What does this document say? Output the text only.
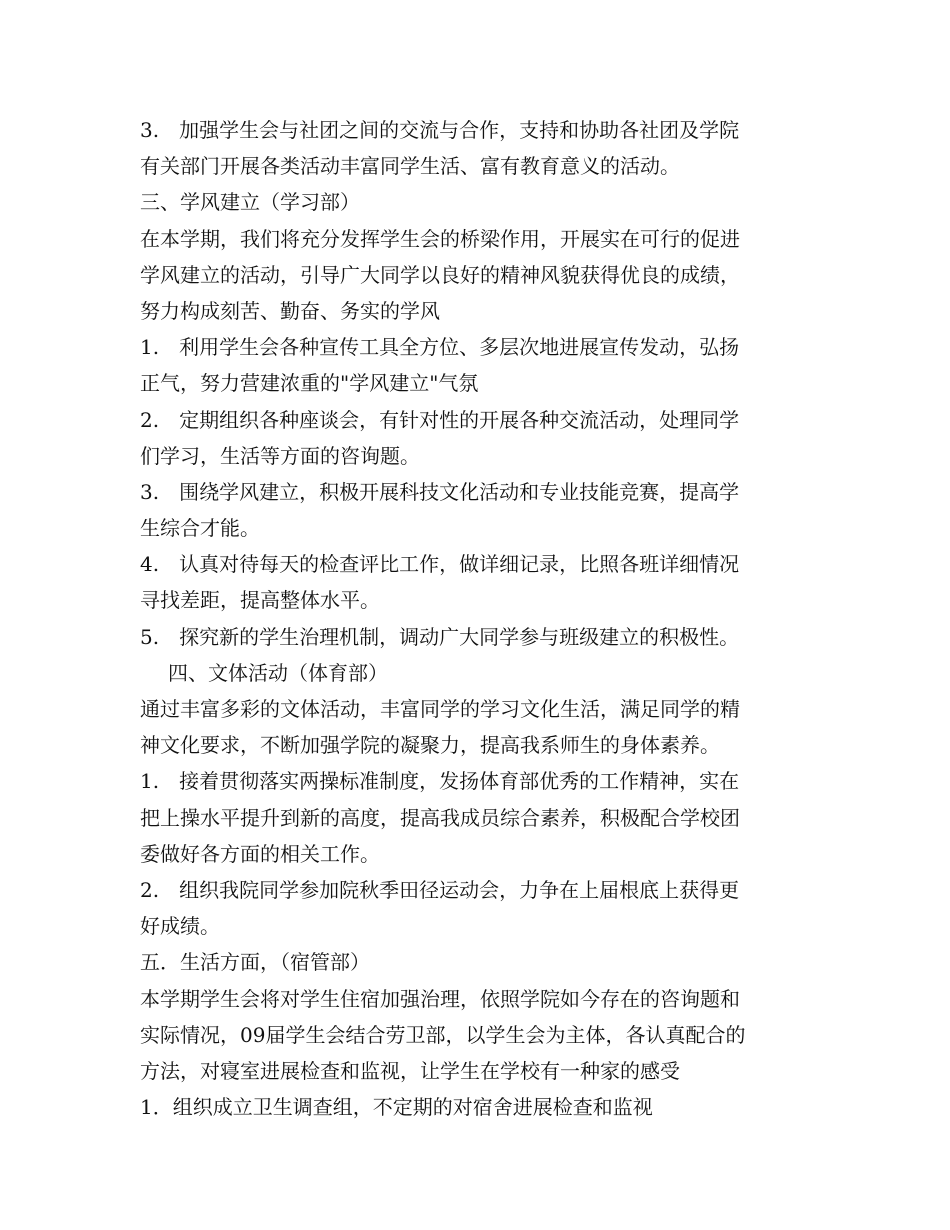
3.　加强学生会与社团之间的交流与合作，支持和协助各社团及学院
有关部门开展各类活动丰富同学生活、富有教育意义的活动。
三、学风建立（学习部）
在本学期，我们将充分发挥学生会的桥梁作用，开展实在可行的促进
学风建立的活动，引导广大同学以良好的精神风貌获得优良的成绩，
努力构成刻苦、勤奋、务实的学风
1.　利用学生会各种宣传工具全方位、多层次地进展宣传发动，弘扬
正气，努力营建浓重的"学风建立"气氛
2.　定期组织各种座谈会，有针对性的开展各种交流活动，处理同学
们学习，生活等方面的咨询题。
3.　围绕学风建立，积极开展科技文化活动和专业技能竞赛，提高学
生综合才能。
4.　认真对待每天的检查评比工作，做详细记录，比照各班详细情况
寻找差距，提高整体水平。
5.　探究新的学生治理机制，调动广大同学参与班级建立的积极性。
　四、文体活动（体育部）
通过丰富多彩的文体活动，丰富同学的学习文化生活，满足同学的精
神文化要求，不断加强学院的凝聚力，提高我系师生的身体素养。
1.　接着贯彻落实两操标准制度，发扬体育部优秀的工作精神，实在
把上操水平提升到新的高度，提高我成员综合素养，积极配合学校团
委做好各方面的相关工作。
2.　组织我院同学参加院秋季田径运动会，力争在上届根底上获得更
好成绩。
五．生活方面，（宿管部）
本学期学生会将对学生住宿加强治理，依照学院如今存在的咨询题和
实际情况，09届学生会结合劳卫部，以学生会为主体，各认真配合的
方法，对寝室进展检查和监视，让学生在学校有一种家的感受
1．组织成立卫生调查组，不定期的对宿舍进展检查和监视
